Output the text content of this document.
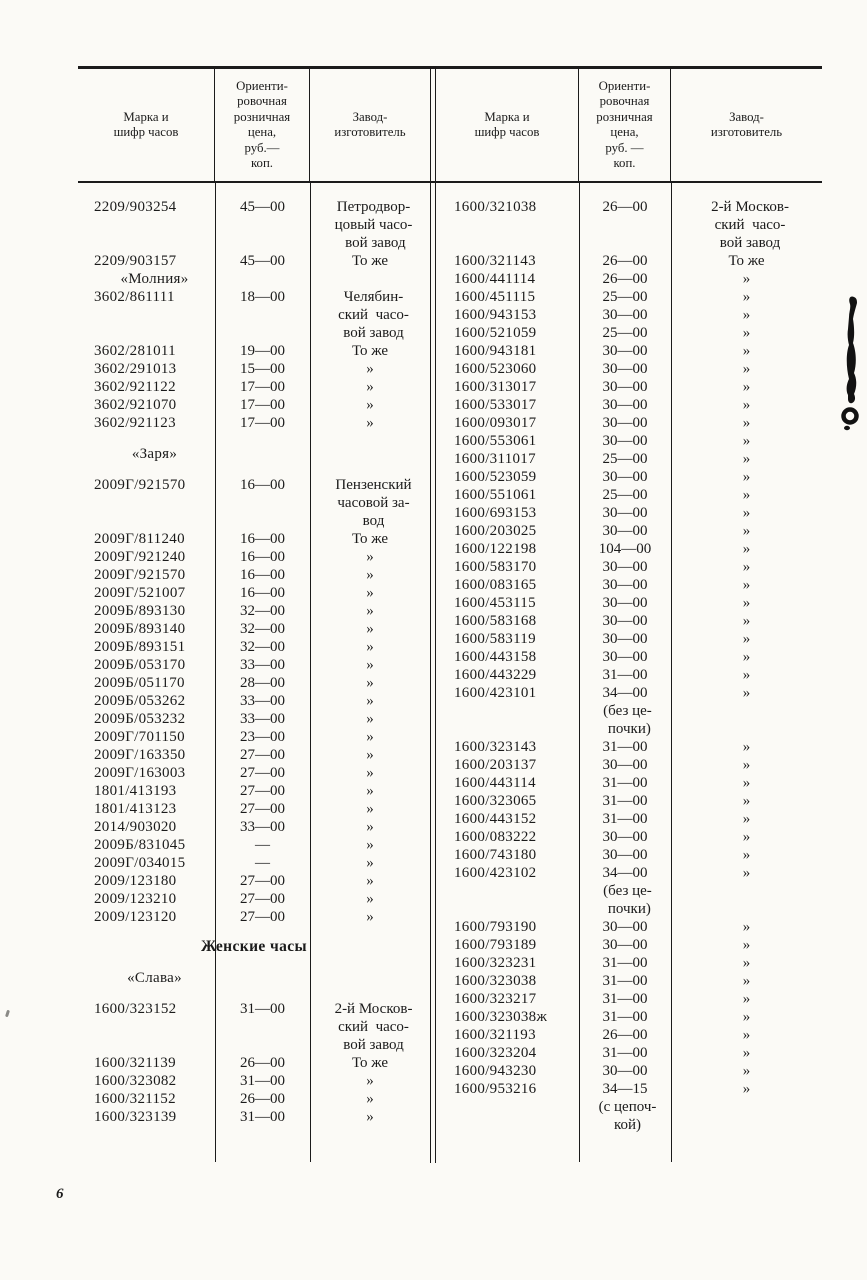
Марка и
шифр часов
Ориенти-
ровочная
розничная
цена,
руб.—
коп.
Завод-
изготовитель
Марка и
шифр часов
Ориенти-
ровочная
розничная
цена,
руб. —
коп.
Завод-
изготовитель
2209/903254	45—00	Петродвор-
цовый часо-
вой завод
2209/903157	45—00	То же
«Молния»
3602/861111	18—00	Челябин-
ский  часо-
вой завод
3602/281011	19—00	То же
3602/291013	15—00	»
3602/921122	17—00	»
3602/921070	17—00	»
3602/921123	17—00	»
«Заря»
2009Г/921570	16—00	Пензенский
часовой за-
вод
2009Г/811240	16—00	То же
2009Г/921240	16—00	»
2009Г/921570	16—00	»
2009Г/521007	16—00	»
2009Б/893130	32—00	»
2009Б/893140	32—00	»
2009Б/893151	32—00	»
2009Б/053170	33—00	»
2009Б/051170	28—00	»
2009Б/053262	33—00	»
2009Б/053232	33—00	»
2009Г/701150	23—00	»
2009Г/163350	27—00	»
2009Г/163003	27—00	»
1801/413193	27—00	»
1801/413123	27—00	»
2014/903020	33—00	»
2009Б/831045	—	»
2009Г/034015	—	»
2009/123180	27—00	»
2009/123210	27—00	»
2009/123120	27—00	»
Женские часы
«Слава»
1600/323152	31—00	2-й Москов-
ский  часо-
вой завод
1600/321139	26—00	То же
1600/323082	31—00	»
1600/321152	26—00	»
1600/323139	31—00	»
1600/321038	26—00	2-й Москов-
ский  часо-
вой завод
1600/321143	26—00	То же
1600/441114	26—00	»
1600/451115	25—00	»
1600/943153	30—00	»
1600/521059	25—00	»
1600/943181	30—00	»
1600/523060	30—00	»
1600/313017	30—00	»
1600/533017	30—00	»
1600/093017	30—00	»
1600/553061	30—00	»
1600/311017	25—00	»
1600/523059	30—00	»
1600/551061	25—00	»
1600/693153	30—00	»
1600/203025	30—00	»
1600/122198	104—00	»
1600/583170	30—00	»
1600/083165	30—00	»
1600/453115	30—00	»
1600/583168	30—00	»
1600/583119	30—00	»
1600/443158	30—00	»
1600/443229	31—00	»
1600/423101	34—00	»
(без це-
почки)
1600/323143	31—00	»
1600/203137	30—00	»
1600/443114	31—00	»
1600/323065	31—00	»
1600/443152	31—00	»
1600/083222	30—00	»
1600/743180	30—00	»
1600/423102	34—00	»
(без це-
почки)
1600/793190	30—00	»
1600/793189	30—00	»
1600/323231	31—00	»
1600/323038	31—00	»
1600/323217	31—00	»
1600/323038ж	31—00	»
1600/321193	26—00	»
1600/323204	31—00	»
1600/943230	30—00	»
1600/953216	34—15	»
(с цепоч-
кой)
6
